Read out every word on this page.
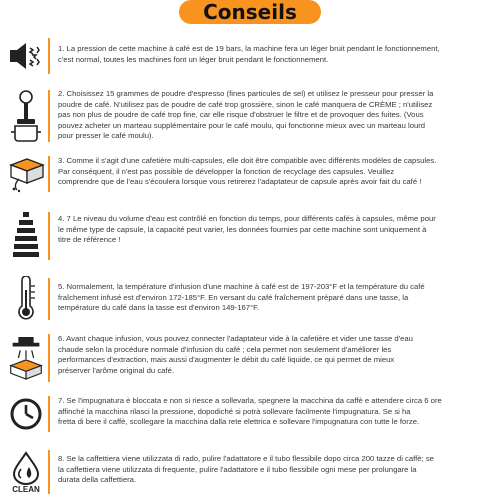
Conseils
1. La pression de cette machine à café est de 19 bars, la machine fera un léger bruit pendant le fonctionnement,
c'est normal, toutes les machines font un léger bruit pendant le fonctionnement.
2. Choisissez 15 grammes de poudre d'espresso (fines particules de sel) et utilisez le presseur pour presser la
poudre de café. N'utilisez pas de poudre de café trop grossière, sinon le café manquera de CRÈME ; n'utilisez
pas non plus de poudre de café trop fine, car elle risque d'obstruer le filtre et de provoquer des fuites. (Vous
pouvez acheter un marteau supplémentaire pour le café moulu, qui fonctionne mieux avec un marteau lourd
pour presser le café moulu).
3. Comme il s'agit d'une cafetière multi-capsules, elle doit être compatible avec différents modèles de capsules.
Par conséquent, il n'est pas possible de développer la fonction de recyclage des capsules. Veuillez
comprendre que de l'eau s'écoulera lorsque vous retirerez l'adaptateur de capsule après avoir fait du café !
4. 7 Le niveau du volume d'eau est contrôlé en fonction du temps, pour différents cafés à capsules, même pour
le même type de capsule, la capacité peut varier, les données fournies par cette machine sont uniquement à
titre de référence !
5. Normalement, la température d'infusion d'une machine à café est de 197-203°F et la température du café
fraîchement infusé est d'environ 172-185°F. En versant du café fraîchement préparé dans une tasse, la
température du café dans la tasse est d'environ 149-167°F.
6. Avant chaque infusion, vous pouvez connecter l'adaptateur vide à la cafetière et vider une tasse d'eau
chaude selon la procédure normale d'infusion du café ; cela permet non seulement d'améliorer les
performances d'extraction, mais aussi d'augmenter le débit du café liquide, ce qui permet de mieux
préserver l'arôme original du café.
7. Se l'impugnatura è bloccata e non si riesce a sollevarla, spegnere la macchina da caffè e attendere circa 6 ore
affinché la macchina rilasci la pressione, dopodiché si potrà sollevare facilmente l'impugnatura. Se si ha
fretta di bere il caffè, scollegare la macchina dalla rete elettrica e sollevare l'impugnatura con tutte le forze.
CLEAN
8. Se la caffettiera viene utilizzata di rado, pulire l'adattatore e il tubo flessibile dopo circa 200 tazze di caffè; se
la caffettiera viene utilizzata di frequente, pulire l'adattatore e il tubo flessibile ogni mese per prolungare la
durata della caffettiera.
